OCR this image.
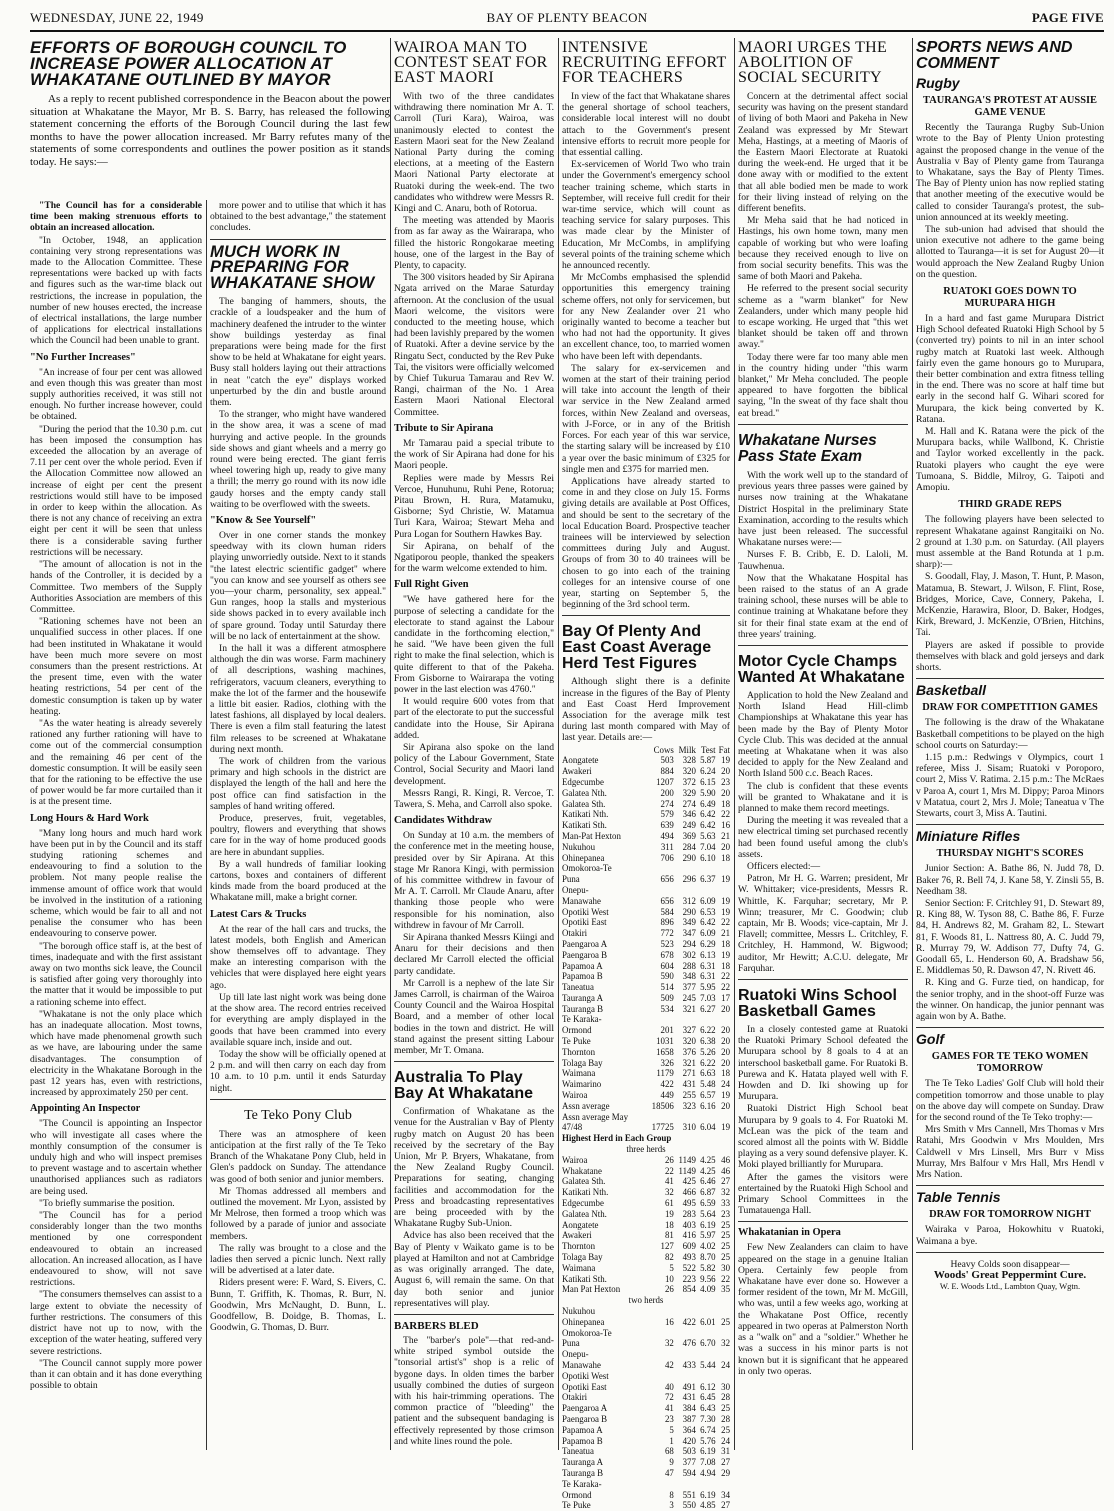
WEDNESDAY, JUNE 22, 1949	BAY OF PLENTY BEACON	PAGE FIVE
EFFORTS OF BOROUGH COUNCIL TO INCREASE POWER ALLOCATION AT WHAKATANE OUTLINED BY MAYOR
As a reply to recent published correspondence in the Beacon about the power situation at Whakatane the Mayor, Mr B. S. Barry, has released the following statement concerning the efforts of the Borough Council during the last few months to have the power allocation increased. Mr Barry refutes many of the statements of some correspondents and outlines the power position as it stands today. He says:—

"The Council has for a considerable time been making strenuous efforts to obtain an increased allocation.

"In October, 1948, an application containing very strong representations was made to the Allocation Committee. These representations were backed up with facts and figures such as the war-time black out restrictions, the increase in population, the number of new houses erected, the increase of electrical installations, the large number of applications for electrical installations which the Council had been unable to grant.

"No Further Increases"

"An increase of four per cent was allowed and even though this was greater than most supply authorities received, it was still not enough. No further increase however, could be obtained.

"During the period that the 10.30 p.m. cut has been imposed the consumption has exceeded the allocation by an average of 7.11 per cent over the whole period. Even if the Allocation Committee now allowed an increase of eight per cent the present restrictions would still have to be imposed in order to keep within the allocation. As there is not any chance of receiving an extra eight per cent it will be seen that unless there is a considerable saving further restrictions will be necessary.

"The amount of allocation is not in the hands of the Controller, it is decided by a Committee. Two members of the Supply Authorities Association are members of this Committee.

"Rationing schemes have not been an unqualified success in other places. If one had been instituted in Whakatane it would have been much more severe on most consumers than the present restrictions. At the present time, even with the water heating restrictions, 54 per cent of the domestic consumption is taken up by water heating.

"As the water heating is already severely rationed any further rationing will have to come out of the commercial consumption and the remaining 46 per cent of the domestic consumption. It will be easily seen that for the rationing to be effective the use of power would be far more curtailed than it is at the present time.

Long Hours & Hard Work

"Many long hours and much hard work have been put in by the Council and its staff studying rationing schemes and endeavouring to find a solution to the problem. Not many people realise the immense amount of office work that would be involved in the institution of a rationing scheme, which would be fair to all and not penalise the consumer who has been endeavouring to conserve power.

"The borough office staff is, at the best of times, inadequate and with the first assistant away on two months sick leave, the Council is satisfied after going very thoroughly into the matter that it would be impossible to put a rationing scheme into effect.

"Whakatane is not the only place which has an inadequate allocation. Most towns, which have made phenomenal growth such as we have, are labouring under the same disadvantages. The consumption of electricity in the Whakatane Borough in the past 12 years has, even with restrictions, increased by approximately 250 per cent.

Appointing An Inspector

"The Council is appointing an Inspector who will investigate all cases where the monthly consumption of the consumer is unduly high and who will inspect premises to prevent wastage and to ascertain whether unauthorised appliances such as radiators are being used.

"To briefly summarise the position.

"The Council has for a period considerably longer than the two months mentioned by one correspondent endeavoured to obtain an increased allocation. An increased allocation, as I have endeavoured to show, will not save restrictions.

"The consumers themselves can assist to a large extent to obviate the necessity of further restrictions. The consumers of this district have not up to now, with the exception of the water heating, suffered very severe restrictions.

"The Council cannot supply more power than it can obtain and it has done everything possible to obtain

more power and to utilise that which it has obtained to the best advantage," the statement concludes.

MUCH WORK IN PREPARING FOR WHAKATANE SHOW

The banging of hammers, shouts, the crackle of a loudspeaker and the hum of machinery deafened the intruder to the winter show buildings yesterday as final preparations were being made for the first show to be held at Whakatane for eight years. Busy stall holders laying out their attractions in neat "catch the eye" displays worked unperturbed by the din and bustle around them.

To the stranger, who might have wandered in the show area, it was a scene of mad hurrying and active people. In the grounds side shows and giant wheels and a merry go round were being erected. The giant ferris wheel towering high up, ready to give many a thrill; the merry go round with its now idle gaudy horses and the empty candy stall waiting to be overflowed with the sweets.

"Know & See Yourself"

Over in one corner stands the monkey speedway with its clown human riders playing unworriedly outside. Next to it stands "the latest electric scientific gadget" where "you can know and see yourself as others see you—your charm, personality, sex appeal." Gun ranges, hoop la stalls and mysterious side shows packed in to every available inch of spare ground. Today until Saturday there will be no lack of entertainment at the show.

In the hall it was a different atmosphere although the din was worse. Farm machinery of all descriptions, washing machines, refrigerators, vacuum cleaners, everything to make the lot of the farmer and the housewife a little bit easier. Radios, clothing with the latest fashions, all displayed by local dealers. There is even a film stall featuring the latest film releases to be screened at Whakatane during next month.

The work of children from the various primary and high schools in the district are displayed the length of the hall and here the post office can find satisfaction in the samples of hand writing offered.

Produce, preserves, fruit, vegetables, poultry, flowers and everything that shows care for in the way of home produced goods are here in abundant supplies.

By a wall hundreds of familiar looking cartons, boxes and containers of different kinds made from the board produced at the Whakatane mill, make a bright corner.

Latest Cars & Trucks

At the rear of the hall cars and trucks, the latest models, both English and American show themselves off to advantage. They make an interesting comparison with the vehicles that were displayed here eight years ago.

Up till late last night work was being done at the show area. The record entries received for everything are amply displayed in the goods that have been crammed into every available square inch, inside and out.

Today the show will be officially opened at 2 p.m. and will then carry on each day from 10 a.m. to 10 p.m. until it ends Saturday night.

Te Teko Pony Club

There was an atmosphere of keen anticipation at the first rally of the Te Teko Branch of the Whakatane Pony Club, held in Glen's paddock on Sunday. The attendance was good of both senior and junior members.

Mr Thomas addressed all members and outlined the movement. Mr Lyon, assisted by Mr Melrose, then formed a troop which was followed by a parade of junior and associate members.

The rally was brought to a close and the ladies then served a picnic lunch. Next rally will be advertised at a later date.

Riders present were: F. Ward, S. Eivers, C. Bunn, T. Griffith, K. Thomas, R. Burr, N. Goodwin, Mrs McNaught, D. Bunn, L. Goodfellow, B. Doidge, B. Thomas, L. Goodwin, G. Thomas, D. Burr.

WAIROA MAN TO CONTEST SEAT FOR EAST MAORI

With two of the three candidates withdrawing there nomination Mr A. T. Carroll (Turi Kara), Wairoa, was unanimously elected to contest the Eastern Maori seat for the New Zealand National Party during the coming elections, at a meeting of the Eastern Maori National Party electorate at Ruatoki during the week-end. The two candidates who withdrew were Messrs R. Kingi and C. Anaru, both of Rotorua.

The meeting was attended by Maoris from as far away as the Wairarapa, who filled the historic Rongokarae meeting house, one of the largest in the Bay of Plenty, to capacity.

The 300 visitors headed by Sir Apirana Ngata arrived on the Marae Saturday afternoon. At the conclusion of the usual Maori welcome, the visitors were conducted to the meeting house, which had been lavishly prepared by the women of Ruatoki. After a devine service by the Ringatu Sect, conducted by the Rev Puke Tai, the visitors were officially welcomed by Chief Tukurua Tamarau and Rev W. Rangi, chairman of the No. 1 Area Eastern Maori National Electoral Committee.

Tribute to Sir Apirana

Mr Tamarau paid a special tribute to the work of Sir Apirana had done for his Maori people.

Replies were made by Messrs Rei Vercoe, Hunuhunu, Ruhi Pene, Rotorua; Pitau Brown, H. Rura, Matamuku, Gisborne; Syd Christie, W. Matamua Turi Kara, Wairoa; Stewart Meha and Pura Logan for Southern Hawkes Bay.

Sir Apirana, on behalf of the Ngatiporou people, thanked the speakers for the warm welcome extended to him.

Full Right Given

"We have gathered here for the purpose of selecting a candidate for the electorate to stand against the Labour candidate in the forthcoming election," he said. "We have been given the full right to make the final selection, which is quite different to that of the Pakeha. From Gisborne to Wairarapa the voting power in the last election was 4760."

It would require 600 votes from that part of the electorate to put the successful candidate into the House, Sir Apirana added.

Sir Apirana also spoke on the land policy of the Labour Government, State Control, Social Security and Maori land development.

Messrs Rangi, R. Kingi, R. Vercoe, T. Tawera, S. Meha, and Carroll also spoke.

Candidates Withdraw

On Sunday at 10 a.m. the members of the conference met in the meeting house, presided over by Sir Apirana. At this stage Mr Ranora Kingi, with permission of his committee withdrew in favour of Mr A. T. Carroll. Mr Claude Anaru, after thanking those people who were responsible for his nomination, also withdrew in favour of Mr Carroll.

Sir Apirana thanked Messrs Kiingi and Anaru for their decisions and then declared Mr Carroll elected the official party candidate.

Mr Carroll is a nephew of the late Sir James Carroll, is chairman of the Wairoa County Council and the Wairoa Hospital Board, and a member of other local bodies in the town and district. He will stand against the present sitting Labour member, Mr T. Omana.

Australia To Play Bay At Whakatane

Confirmation of Whakatane as the venue for the Australian v Bay of Plenty rugby match on August 20 has been received by the secretary of the Bay Union, Mr P. Bryers, Whakatane, from the New Zealand Rugby Council. Preparations for seating, changing facilities and accommodation for the Press and broadcasting representatives are being proceeded with by the Whakatane Rugby Sub-Union.

Advice has also been received that the Bay of Plenty v Waikato game is to be played at Hamilton and not at Cambridge as was originally arranged. The date, August 6, will remain the same. On that day both senior and junior representatives will play.

BARBERS BLED

The "barber's pole"—that red-and-white striped symbol outside the "tonsorial artist's" shop is a relic of bygone days. In olden times the barber usually combined the duties of surgeon with his hair-trimming operations. The common practice of "bleeding" the patient and the subsequent bandaging is effectively represented by those crimson and white lines round the pole.

INTENSIVE RECRUITING EFFORT FOR TEACHERS

In view of the fact that Whakatane shares the general shortage of school teachers, considerable local interest will no doubt attach to the Government's present intensive efforts to recruit more people for that essential calling.

Ex-servicemen of World Two who train under the Government's emergency school teacher training scheme, which starts in September, will receive full credit for their war-time service, which will count as teaching service for salary purposes. This was made clear by the Minister of Education, Mr McCombs, in amplifying several points of the training scheme which he announced recently.

Mr McCombs emphasised the splendid opportunities this emergency training scheme offers, not only for servicemen, but for any New Zealander over 21 who originally wanted to become a teacher but who had not had the opportunity. It gives an excellent chance, too, to married women who have been left with dependants.

The salary for ex-servicemen and women at the start of their training period will take into account the length of their war service in the New Zealand armed forces, within New Zealand and overseas, with J-Force, or in any of the British Forces. For each year of this war service, the starting salary will be increased by £10 a year over the basic minimum of £325 for single men and £375 for married men.

Applications have already started to come in and they close on July 15. Forms giving details are available at Post Offices, and should be sent to the secretary of the local Education Board. Prospective teacher trainees will be interviewed by selection committees during July and August. Groups of from 30 to 40 trainees will be chosen to go into each of the training colleges for an intensive course of one year, starting on September 5, the beginning of the 3rd school term.

Bay Of Plenty And East Coast Average Herd Test Figures

Although slight there is a definite increase in the figures of the Bay of Plenty and East Coast Herd Improvement Association for the average milk test during last month compared with May of last year. Details are:—

	Cows	Milk	Test	Fat
Aongatete	503	328	5.87	19
Awakeri	884	320	6.24	20
Edgecumbe	1207	372	6.15	23
Galatea Nth.	200	329	5.90	20
Galatea Sth.	274	274	6.49	18
Katikati Nth.	579	346	6.42	22
Katikati Sth.	639	249	6.42	16
Man-Pat Hexton	494	369	5.63	21
Nukuhou	311	284	7.04	20
Ohinepanea	706	290	6.10	18
Omokoroa-Te				
Puna	656	296	6.37	19
Onepu-				
Manawahe	656	312	6.09	19
Opotiki West	584	290	6.53	19
Opotiki East	896	349	6.42	22
Otakiri	772	347	6.09	21
Paengaroa A	523	294	6.29	18
Paengaroa B	678	302	6.13	19
Papamoa A	604	288	6.31	18
Papamoa B	590	348	6.31	22
Taneatua	514	377	5.95	22
Tauranga A	509	245	7.03	17
Tauranga B	534	321	6.27	20
Te Karaka-				
Ormond	201	327	6.22	20
Te Puke	1031	320	6.38	20
Thornton	1658	376	5.26	20
Tolaga Bay	326	321	6.22	20
Waimana	1179	271	6.63	18
Waimarino	422	431	5.48	24
Wairoa	449	255	6.57	19
Assn average	18506	323	6.16	20
Assn average May				
47/48	17725	310	6.04	19
Highest Herd in Each Group				
three herds				
Wairoa	26	1149	4.25	46
Whakatane	22	1149	4.25	46
Galatea Sth.	41	425	6.46	27
Katikati Nth.	32	466	6.87	32
Edgecumbe	61	495	6.59	33
Galatea Nth.	19	283	5.64	23
Aongatete	18	403	6.19	25
Awakeri	81	416	5.97	25
Thornton	127	609	4.02	25
Tolaga Bay	82	493	8.70	25
Waimana	5	522	5.82	30
Katikati Sth.	10	223	9.56	22
Man Pat Hexton	26	854	4.09	35
two herds				
Nukuhou				
Ohinepanea	16	422	6.01	25
Omokoroa-Te				
Puna	32	476	6.70	32
Onepu-				
Manawahe	42	433	5.44	24
Opotiki West				
Opotiki East	40	491	6.12	30
Otakiri	72	431	6.45	28
Paengaroa A	41	384	6.43	25
Paengaroa B	23	387	7.30	28
Papamoa A	5	364	6.74	25
Papamoa B	1	420	5.76	24
Taneatua	68	503	6.19	31
Tauranga A	9	377	7.08	27
Tauranga B	47	594	4.94	29
Te Karaka-				
Ormond	8	551	6.19	34
Te Puke	3	550	4.85	27
MAORI URGES THE ABOLITION OF SOCIAL SECURITY

Concern at the detrimental affect social security was having on the present standard of living of both Maori and Pakeha in New Zealand was expressed by Mr Stewart Meha, Hastings, at a meeting of Maoris of the Eastern Maori Electorate at Ruatoki during the week-end. He urged that it be done away with or modified to the extent that all able bodied men be made to work for their living instead of relying on the different benefits.

Mr Meha said that he had noticed in Hastings, his own home town, many men capable of working but who were loafing because they received enough to live on from social security benefits. This was the same of both Maori and Pakeha.

He referred to the present social security scheme as a "warm blanket" for New Zealanders, under which many people hid to escape working. He urged that "this wet blanket should be taken off and thrown away."

Today there were far too many able men in the country hiding under "this warm blanket," Mr Meha concluded. The people appeared to have forgotten the biblical saying, "In the sweat of thy face shalt thou eat bread."

Whakatane Nurses Pass State Exam

With the work well up to the standard of previous years three passes were gained by nurses now training at the Whakatane District Hospital in the preliminary State Examination, according to the results which have just been released. The successful Whakatane nurses were:—

Nurses F. B. Cribb, E. D. Laloli, M. Tauwhenua.

Now that the Whakatane Hospital has been raised to the status of an A grade training school, these nurses will be able to continue training at Whakatane before they sit for their final state exam at the end of three years' training.

Motor Cycle Champs Wanted At Whakatane

Application to hold the New Zealand and North Island Head Hill-climb Championships at Whakatane this year has been made by the Bay of Plenty Motor Cycle Club. This was decided at the annual meeting at Whakatane when it was also decided to apply for the New Zealand and North Island 500 c.c. Beach Races.

The club is confident that these events will be granted to Whakatane and it is planned to make them record meetings.

During the meeting it was revealed that a new electrical timing set purchased recently had been found useful among the club's assets.

Officers elected:—

Patron, Mr H. G. Warren; president, Mr W. Whittaker; vice-presidents, Messrs R. Whittle, K. Farquhar; secretary, Mr P. Winn; treasurer, Mr C. Goodwin; club captain, Mr B. Woods; vice-captain, Mr J. Flavell; committee, Messrs L. Critchley, F. Critchley, H. Hammond, W. Bigwood; auditor, Mr Hewitt; A.C.U. delegate, Mr Farquhar.

Ruatoki Wins School Basketball Games

In a closely contested game at Ruatoki the Ruatoki Primary School defeated the Murupara school by 8 goals to 4 at an interschool basketball game. For Ruatoki B. Purewa and K. Hatata played well with F. Howden and D. Iki showing up for Murupara.

Ruatoki District High School beat Murupara by 9 goals to 4. For Ruatoki M. McLean was the pick of the team and scored almost all the points with W. Biddle playing as a very sound defensive player. K. Moki played brilliantly for Murupara.

After the games the visitors were entertained by the Ruatoki High School and Primary School Committees in the Tumatauenga Hall.

Whakatanian in Opera

Few New Zealanders can claim to have appeared on the stage in a genuine Italian Opera. Certainly few people from Whakatane have ever done so. However a former resident of the town, Mr M. McGill, who was, until a few weeks ago, working at the Whakatane Post Office, recently appeared in two operas at Palmerston North as a "walk on" and a "soldier." Whether he was a success in his minor parts is not known but it is significant that he appeared in only two operas.

SPORTS NEWS AND COMMENT
Rugby
TAURANGA'S PROTEST AT AUSSIE GAME VENUE

Recently the Tauranga Rugby Sub-Union wrote to the Bay of Plenty Union protesting against the proposed change in the venue of the Australia v Bay of Plenty game from Tauranga to Whakatane, says the Bay of Plenty Times. The Bay of Plenty union has now replied stating that another meeting of the executive would be called to consider Tauranga's protest, the sub-union announced at its weekly meeting.

The sub-union had advised that should the union executive not adhere to the game being allotted to Tauranga—it is set for August 20—it would approach the New Zealand Rugby Union on the question.

RUATOKI GOES DOWN TO MURUPARA HIGH

In a hard and fast game Murupara District High School defeated Ruatoki High School by 5 (converted try) points to nil in an inter school rugby match at Ruatoki last week. Although fairly even the game honours go to Murupara, their better combination and extra fitness telling in the end. There was no score at half time but early in the second half G. Wihari scored for Murupara, the kick being converted by K. Ratana.

M. Hall and K. Ratana were the pick of the Murupara backs, while Wallbond, K. Christie and Taylor worked excellently in the pack. Ruatoki players who caught the eye were Tumoana, S. Biddle, Milroy, G. Taipoti and Amopiu.

THIRD GRADE REPS

The following players have been selected to represent Whakatane against Rangitaiki on No. 2 ground at 1.30 p.m. on Saturday. (All players must assemble at the Band Rotunda at 1 p.m. sharp):—

S. Goodall, Flay, J. Mason, T. Hunt, P. Mason, Matamua, B. Stewart, J. Wilson, F. Flint, Rose, Bridges, Morice, Cave, Connery, Pakeha, I. McKenzie, Harawira, Bloor, D. Baker, Hodges, Kirk, Breward, J. McKenzie, O'Brien, Hitchins, Tai.

Players are asked if possible to provide themselves with black and gold jerseys and dark shorts.

Basketball
DRAW FOR COMPETITION GAMES

The following is the draw of the Whakatane Basketball competitions to be played on the high school courts on Saturday:—

1.15 p.m.: Redwings v Olympics, court 1 referee, Miss J. Sisam; Ruatoki v Poroporo, court 2, Miss V. Ratima. 2.15 p.m.: The McRaes v Paroa A, court 1, Mrs M. Dippy; Paroa Minors v Matatua, court 2, Mrs J. Mole; Taneatua v The Stewarts, court 3, Miss A. Tautini.

Miniature Rifles
THURSDAY NIGHT'S SCORES

Junior Section: A. Bathe 86, N. Judd 78, D. Baker 76, R. Bell 74, J. Kane 58, Y. Zinsli 55, B. Needham 38.

Senior Section: F. Critchley 91, D. Stewart 89, R. King 88, W. Tyson 88, C. Bathe 86, F. Furze 84, H. Andrews 82, M. Graham 82, L. Stewart 81, F. Woods 81, L. Nattress 80, A. C. Judd 79, R. Murray 79, W. Addison 77, Dufty 74, G. Goodall 65, L. Henderson 60, A. Bradshaw 56, E. Middlemas 50, R. Dawson 47, N. Rivett 46.

R. King and G. Furze tied, on handicap, for the senior trophy, and in the shoot-off Furze was the winner. On handicap, the junior pennant was again won by A. Bathe.

Golf
GAMES FOR TE TEKO WOMEN TOMORROW

The Te Teko Ladies' Golf Club will hold their competition tomorrow and those unable to play on the above day will compete on Sunday. Draw for the second round of the Te Teko trophy:—

Mrs Smith v Mrs Cannell, Mrs Thomas v Mrs Ratahi, Mrs Goodwin v Mrs Moulden, Mrs Caldwell v Mrs Linsell, Mrs Burr v Miss Murray, Mrs Balfour v Mrs Hall, Mrs Hendl v Mrs Nation.

Table Tennis
DRAW FOR TOMORROW NIGHT

Wairaka v Paroa, Hokowhitu v Ruatoki, Waimana a bye.

Heavy Colds soon disappear—
Woods' Great Peppermint Cure.
W. E. Woods Ltd., Lambton Quay, Wgtn.
